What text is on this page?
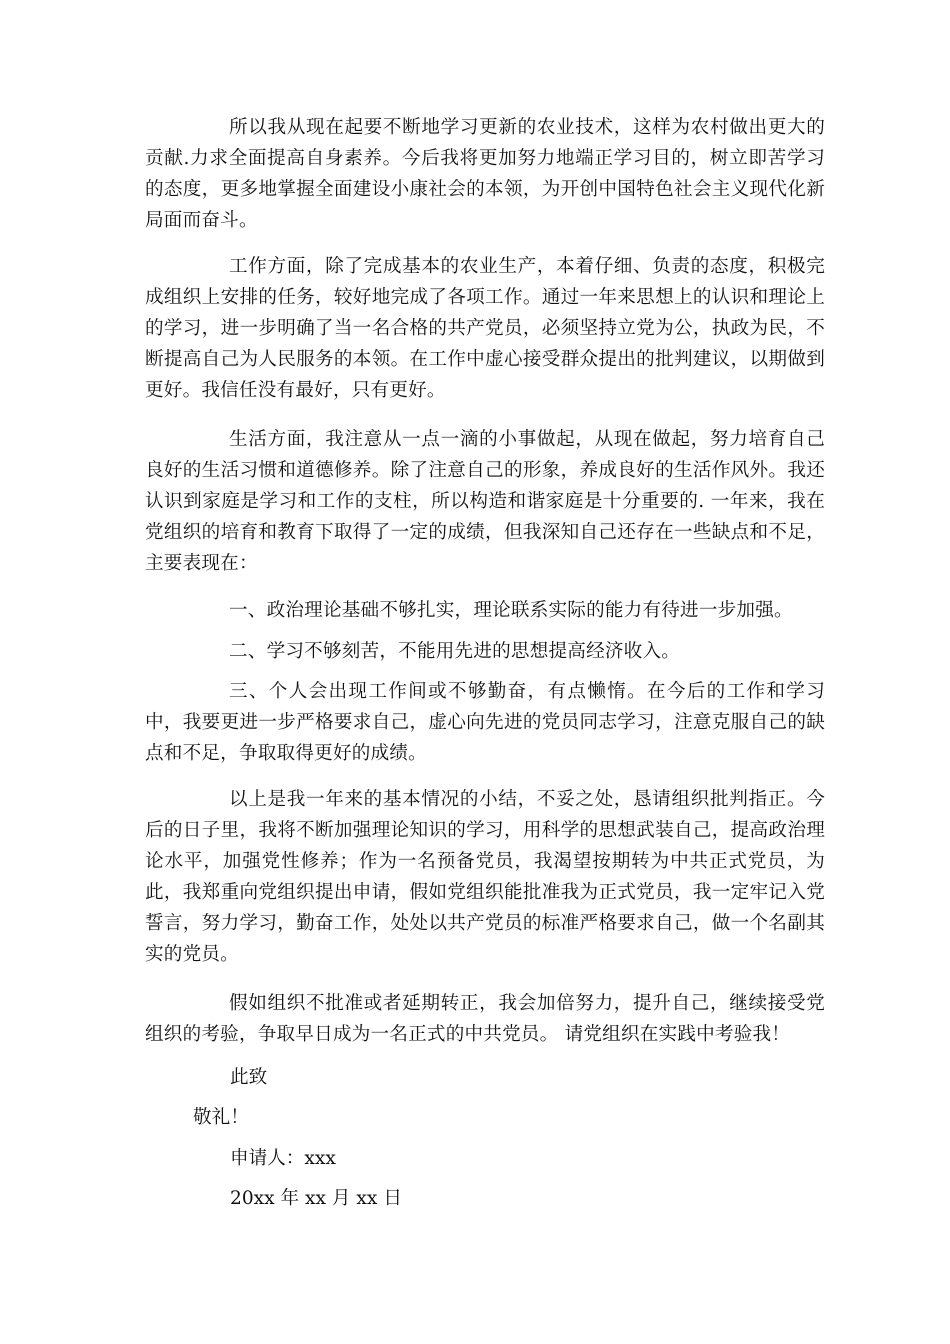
所以我从现在起要不断地学习更新的农业技术，这样为农村做出更大的贡献.力求全面提高自身素养。今后我将更加努力地端正学习目的，树立即苦学习的态度，更多地掌握全面建设小康社会的本领，为开创中国特色社会主义现代化新局面而奋斗。

工作方面，除了完成基本的农业生产，本着仔细、负责的态度，积极完成组织上安排的任务，较好地完成了各项工作。通过一年来思想上的认识和理论上的学习，进一步明确了当一名合格的共产党员，必须坚持立党为公，执政为民，不断提高自己为人民服务的本领。在工作中虚心接受群众提出的批判建议，以期做到更好。我信任没有最好，只有更好。

生活方面，我注意从一点一滴的小事做起，从现在做起，努力培育自己良好的生活习惯和道德修养。除了注意自己的形象，养成良好的生活作风外。我还认识到家庭是学习和工作的支柱，所以构造和谐家庭是十分重要的. 一年来，我在党组织的培育和教育下取得了一定的成绩，但我深知自己还存在一些缺点和不足，主要表现在：

一、政治理论基础不够扎实，理论联系实际的能力有待进一步加强。

二、学习不够刻苦，不能用先进的思想提高经济收入。

三、个人会出现工作间或不够勤奋，有点懒惰。在今后的工作和学习中，我要更进一步严格要求自己，虚心向先进的党员同志学习，注意克服自己的缺点和不足，争取取得更好的成绩。

以上是我一年来的基本情况的小结，不妥之处，恳请组织批判指正。今后的日子里，我将不断加强理论知识的学习，用科学的思想武装自己，提高政治理论水平，加强党性修养；作为一名预备党员，我渴望按期转为中共正式党员，为此，我郑重向党组织提出申请，假如党组织能批准我为正式党员，我一定牢记入党誓言，努力学习，勤奋工作，处处以共产党员的标准严格要求自己，做一个名副其实的党员。

假如组织不批准或者延期转正，我会加倍努力，提升自己，继续接受党组织的考验，争取早日成为一名正式的中共党员。 请党组织在实践中考验我！

此致

敬礼！

申请人：xxx

20xx 年 xx 月 xx 日
